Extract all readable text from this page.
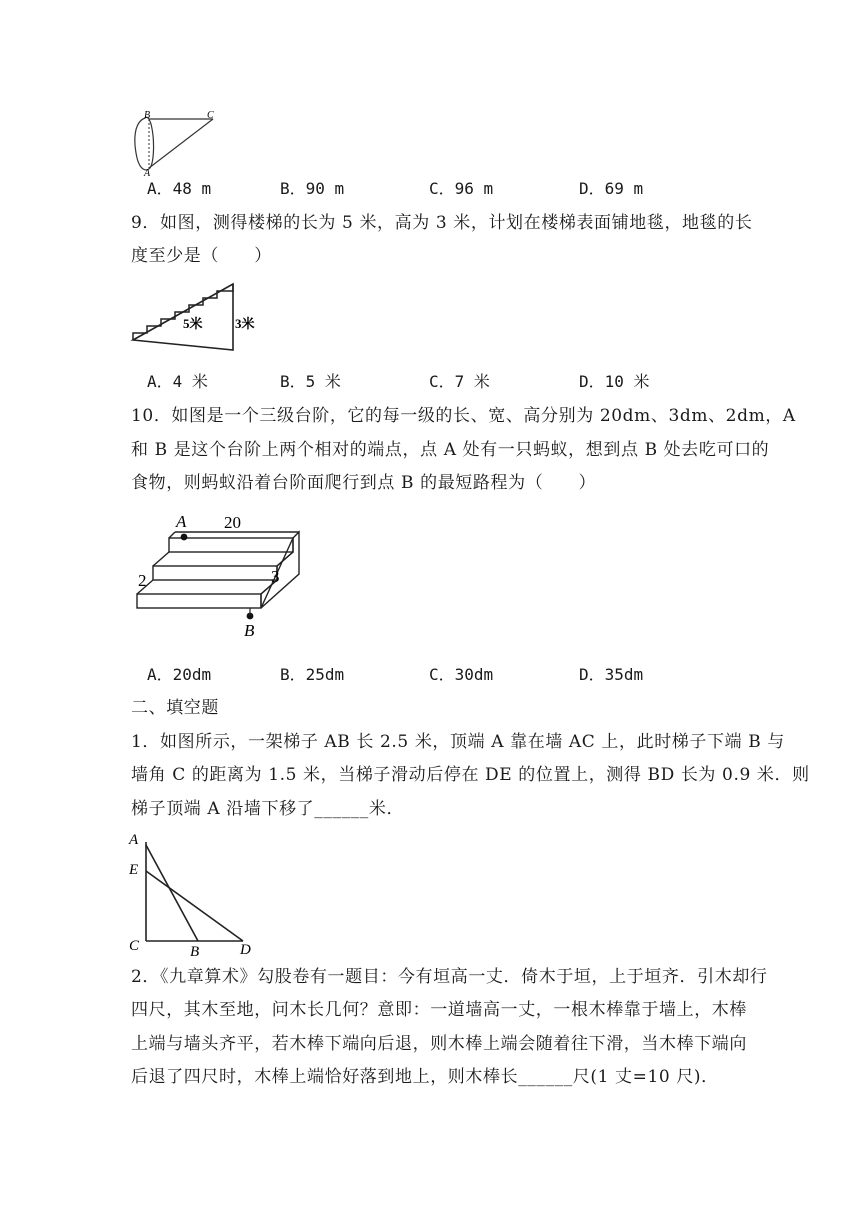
B	C
A
A．48 m	B．90 m	C．96 m	D．69 m
9．如图，测得楼梯的长为 5 米，高为 3 米，计划在楼梯表面铺地毯，地毯的长
度至少是（　　）
5米 3米
A．4 米	B．5 米	C．7 米	D．10 米
10．如图是一个三级台阶，它的每一级的长、宽、高分别为 20dm、3dm、2dm，A
和 B 是这个台阶上两个相对的端点，点 A 处有一只蚂蚁，想到点 B 处去吃可口的
食物，则蚂蚁沿着台阶面爬行到点 B 的最短路程为（　　）
A 20
2	3
B
A．20dm	B．25dm	C．30dm	D．35dm
二、填空题
1．如图所示，一架梯子 AB 长 2.5 米，顶端 A 靠在墙 AC 上，此时梯子下端 B 与
墙角 C 的距离为 1.5 米，当梯子滑动后停在 DE 的位置上，测得 BD 长为 0.9 米．则
梯子顶端 A 沿墙下移了______米．
A
E
C	B	D
2．《九章算术》勾股卷有一题目：今有垣高一丈．倚木于垣，上于垣齐．引木却行
四尺，其木至地，问木长几何？意即：一道墙高一丈，一根木棒靠于墙上，木棒
上端与墙头齐平，若木棒下端向后退，则木棒上端会随着往下滑，当木棒下端向
后退了四尺时，木棒上端恰好落到地上，则木棒长______尺(1 丈=10 尺)．
